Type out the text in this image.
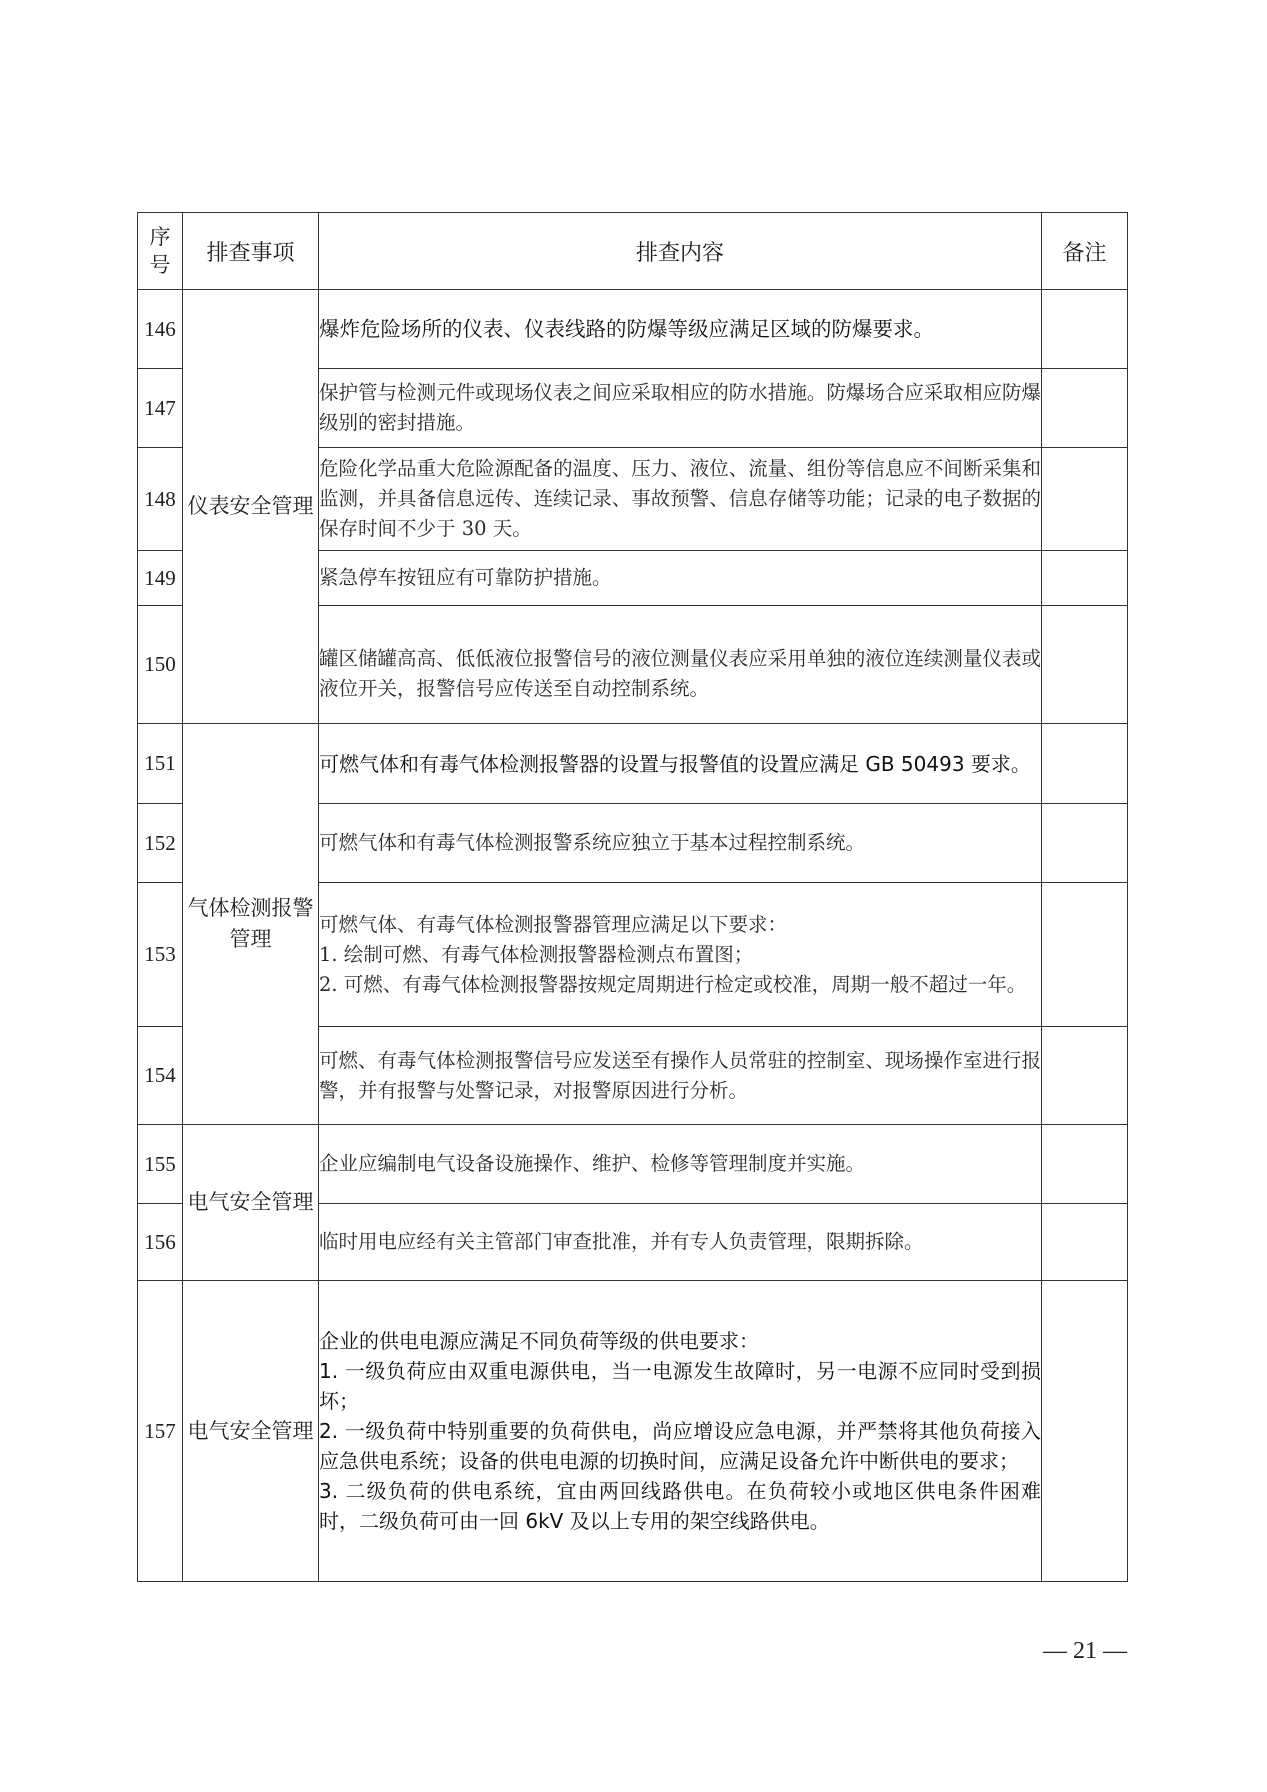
序号	排查事项	排查内容	备注
146	仪表安全管理	爆炸危险场所的仪表、仪表线路的防爆等级应满足区域的防爆要求。	
147		保护管与检测元件或现场仪表之间应采取相应的防水措施。防爆场合应采取相应防爆级别的密封措施。	
148		危险化学品重大危险源配备的温度、压力、液位、流量、组份等信息应不间断采集和监测，并具备信息远传、连续记录、事故预警、信息存储等功能；记录的电子数据的保存时间不少于 30 天。	
149		紧急停车按钮应有可靠防护措施。	
150		罐区储罐高高、低低液位报警信号的液位测量仪表应采用单独的液位连续测量仪表或液位开关，报警信号应传送至自动控制系统。	
151	气体检测报警管理	可燃气体和有毒气体检测报警器的设置与报警值的设置应满足 GB 50493 要求。	
152		可燃气体和有毒气体检测报警系统应独立于基本过程控制系统。	
153		可燃气体、有毒气体检测报警器管理应满足以下要求：
1. 绘制可燃、有毒气体检测报警器检测点布置图；
2. 可燃、有毒气体检测报警器按规定周期进行检定或校准，周期一般不超过一年。	
154		可燃、有毒气体检测报警信号应发送至有操作人员常驻的控制室、现场操作室进行报警，并有报警与处警记录，对报警原因进行分析。	
155	电气安全管理	企业应编制电气设备设施操作、维护、检修等管理制度并实施。	
156		临时用电应经有关主管部门审查批准，并有专人负责管理，限期拆除。	
157	电气安全管理	企业的供电电源应满足不同负荷等级的供电要求：
1. 一级负荷应由双重电源供电，当一电源发生故障时，另一电源不应同时受到损坏；
2. 一级负荷中特别重要的负荷供电，尚应增设应急电源，并严禁将其他负荷接入应急供电系统；设备的供电电源的切换时间，应满足设备允许中断供电的要求；
3. 二级负荷的供电系统，宜由两回线路供电。在负荷较小或地区供电条件困难时，二级负荷可由一回 6kV 及以上专用的架空线路供电。	
— 21 —
